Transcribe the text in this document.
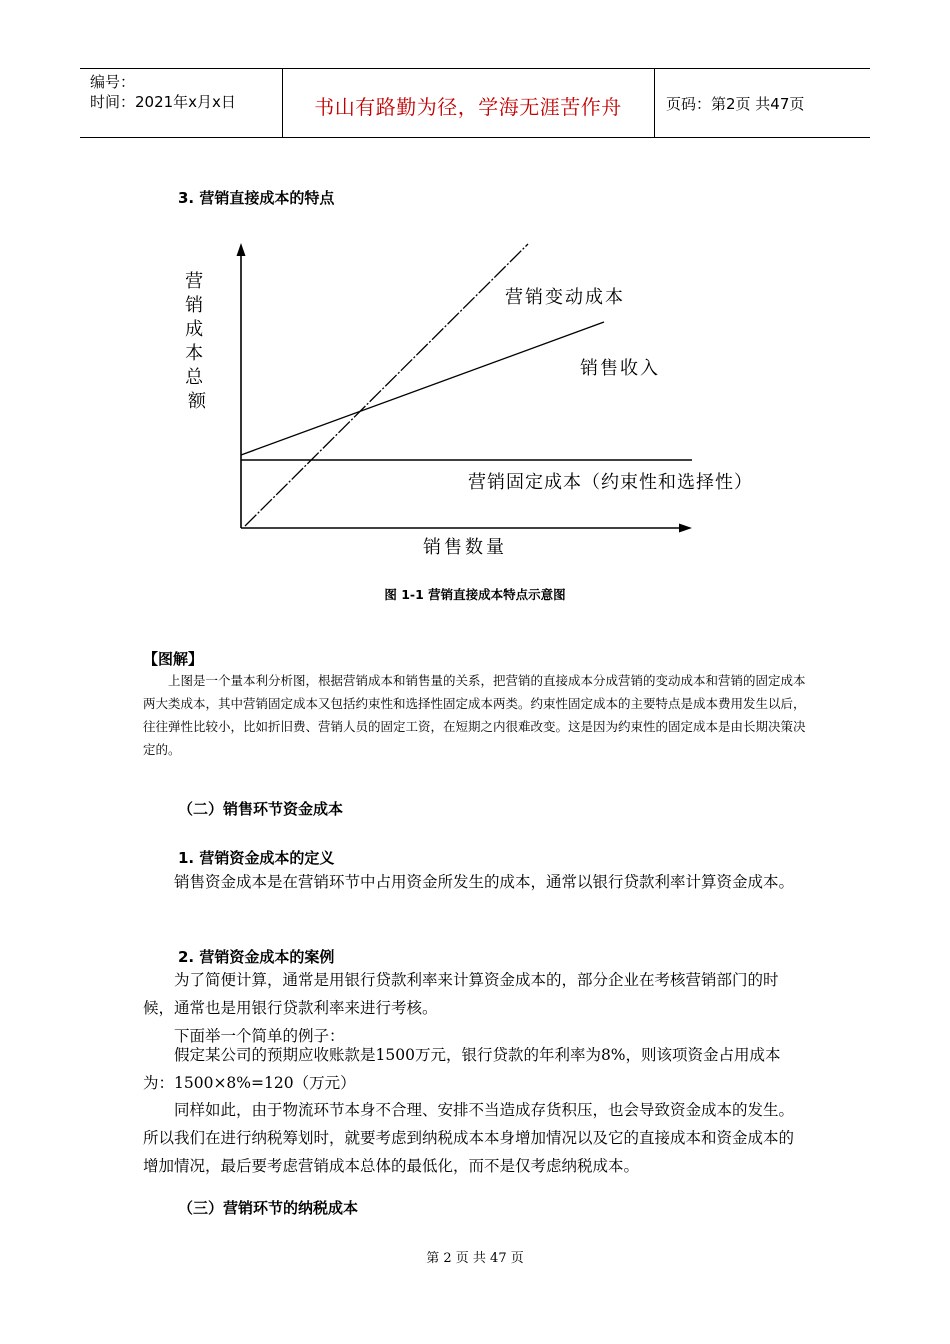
编号：
时间：2021年x月x日	书山有路勤为径，学海无涯苦作舟	页码：第2页 共47页
3. 营销直接成本的特点
营 销 成 本 总 额
营销变动成本
销售收入
营销固定成本（约束性和选择性）
销售数量
图 1-1 营销直接成本特点示意图
【图解】
上图是一个量本利分析图，根据营销成本和销售量的关系，把营销的直接成本分成营销的变动成本和营销的固定成本两大类成本，其中营销固定成本又包括约束性和选择性固定成本两类。约束性固定成本的主要特点是成本费用发生以后，往往弹性比较小，比如折旧费、营销人员的固定工资，在短期之内很难改变。这是因为约束性的固定成本是由长期决策决定的。
（二）销售环节资金成本
1. 营销资金成本的定义
销售资金成本是在营销环节中占用资金所发生的成本，通常以银行贷款利率计算资金成本。
2. 营销资金成本的案例
为了简便计算，通常是用银行贷款利率来计算资金成本的，部分企业在考核营销部门的时候，通常也是用银行贷款利率来进行考核。
下面举一个简单的例子：
假定某公司的预期应收账款是1500万元，银行贷款的年利率为8%，则该项资金占用成本为：1500×8%=120（万元）
同样如此，由于物流环节本身不合理、安排不当造成存货积压，也会导致资金成本的发生。所以我们在进行纳税筹划时，就要考虑到纳税成本本身增加情况以及它的直接成本和资金成本的增加情况，最后要考虑营销成本总体的最低化，而不是仅考虑纳税成本。
（三）营销环节的纳税成本
第 2 页 共 47 页
